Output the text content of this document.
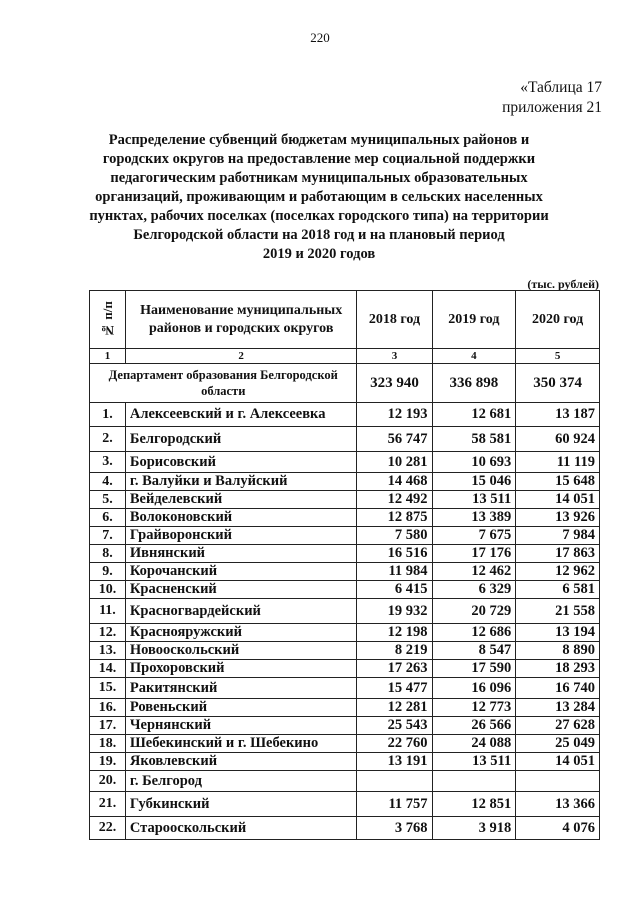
220
«Таблица 17
приложения 21
Распределение субвенций бюджетам муниципальных районов и
городских округов на предоставление мер социальной поддержки
педагогическим работникам муниципальных образовательных
организаций, проживающим и работающим в сельских населенных
пунктах, рабочих поселках (поселках городского типа) на территории
Белгородской области на 2018 год и на плановый период
2019 и 2020 годов
(тыс. рублей)
№ п/п	Наименование муниципальных районов и городских округов	2018 год	2019 год	2020 год
1	2	3	4	5
Департамент образования Белгородской области		323 940	336 898	350 374
1.	Алексеевский и г. Алексеевка	12 193	12 681	13 187
2.	Белгородский	56 747	58 581	60 924
3.	Борисовский	10 281	10 693	11 119
4.	г. Валуйки и Валуйский	14 468	15 046	15 648
5.	Вейделевский	12 492	13 511	14 051
6.	Волоконовский	12 875	13 389	13 926
7.	Грайворонский	7 580	7 675	7 984
8.	Ивнянский	16 516	17 176	17 863
9.	Корочанский	11 984	12 462	12 962
10.	Красненский	6 415	6 329	6 581
11.	Красногвардейский	19 932	20 729	21 558
12.	Краснояружский	12 198	12 686	13 194
13.	Новооскольский	8 219	8 547	8 890
14.	Прохоровский	17 263	17 590	18 293
15.	Ракитянский	15 477	16 096	16 740
16.	Ровеньский	12 281	12 773	13 284
17.	Чернянский	25 543	26 566	27 628
18.	Шебекинский и г. Шебекино	22 760	24 088	25 049
19.	Яковлевский	13 191	13 511	14 051
20.	г. Белгород			
21.	Губкинский	11 757	12 851	13 366
22.	Старооскольский	3 768	3 918	4 076
